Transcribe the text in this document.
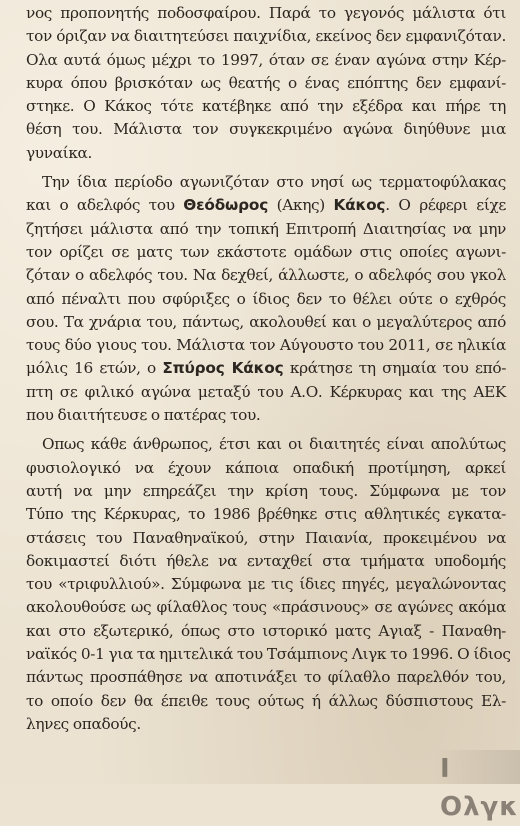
νος προπονητής ποδοσφαίρου. Παρά το γεγονός μάλιστα ότι
τον όριζαν να διαιτητεύσει παιχνίδια, εκείνος δεν εμφανιζόταν.
Ολα αυτά όμως μέχρι το 1997, όταν σε έναν αγώνα στην Κέρ-
κυρα όπου βρισκόταν ως θεατής ο ένας επόπτης δεν εμφανί-
στηκε. Ο Κάκος τότε κατέβηκε από την εξέδρα και πήρε τη
θέση του. Μάλιστα τον συγκεκριμένο αγώνα διηύθυνε μια
γυναίκα.
Την ίδια περίοδο αγωνιζόταν στο νησί ως τερματοφύλακας
και ο αδελφός του Θεόδωρος (Ακης) Κάκος. Ο ρέφερι είχε
ζητήσει μάλιστα από την τοπική Επιτροπή Διαιτησίας να μην
τον ορίζει σε ματς των εκάστοτε ομάδων στις οποίες αγωνι-
ζόταν ο αδελφός του. Να δεχθεί, άλλωστε, ο αδελφός σου γκολ
από πέναλτι που σφύριξες ο ίδιος δεν το θέλει ούτε ο εχθρός
σου. Τα χνάρια του, πάντως, ακολουθεί και ο μεγαλύτερος από
τους δύο γιους του. Μάλιστα τον Αύγουστο του 2011, σε ηλικία
μόλις 16 ετών, ο Σπύρος Κάκος κράτησε τη σημαία του επό-
πτη σε φιλικό αγώνα μεταξύ του Α.Ο. Κέρκυρας και της ΑΕΚ
που διαιτήτευσε ο πατέρας του.
Οπως κάθε άνθρωπος, έτσι και οι διαιτητές είναι απολύτως
φυσιολογικό να έχουν κάποια οπαδική προτίμηση, αρκεί
αυτή να μην επηρεάζει την κρίση τους. Σύμφωνα με τον
Τύπο της Κέρκυρας, το 1986 βρέθηκε στις αθλητικές εγκατα-
στάσεις του Παναθηναϊκού, στην Παιανία, προκειμένου να
δοκιμαστεί διότι ήθελε να ενταχθεί στα τμήματα υποδομής
του «τριφυλλιού». Σύμφωνα με τις ίδιες πηγές, μεγαλώνοντας
ακολουθούσε ως φίλαθλος τους «πράσινους» σε αγώνες ακόμα
και στο εξωτερικό, όπως στο ιστορικό ματς Αγιαξ - Παναθη-
ναϊκός 0-1 για τα ημιτελικά του Τσάμπιονς Λιγκ το 1996. Ο ίδιος
πάντως προσπάθησε να αποτινάξει το φίλαθλο παρελθόν του,
το οποίο δεν θα έπειθε τους ούτως ή άλλως δύσπιστους Ελ-
ληνες οπαδούς.
Ι Ολγκ
